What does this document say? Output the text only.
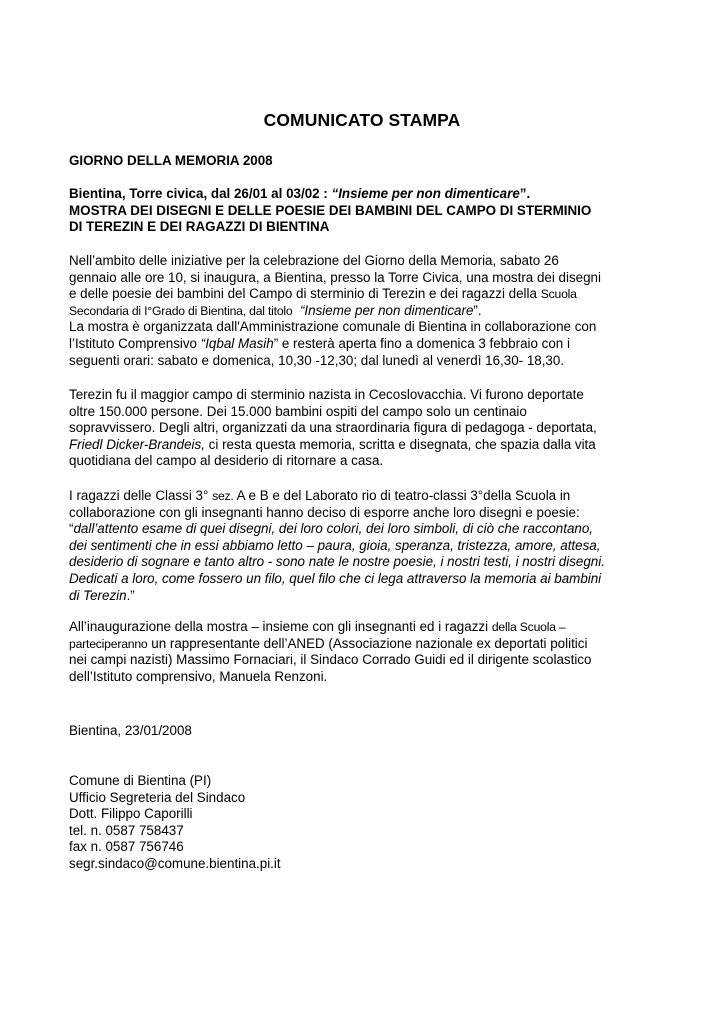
COMUNICATO STAMPA
GIORNO DELLA MEMORIA 2008
Bientina, Torre civica, dal 26/01 al 03/02 : “Insieme per non dimenticare”.
MOSTRA DEI DISEGNI E DELLE POESIE DEI BAMBINI DEL CAMPO DI STERMINIO
DI TEREZIN E DEI RAGAZZI DI BIENTINA
Nell’ambito delle iniziative per la celebrazione del Giorno della Memoria, sabato 26
gennaio alle ore 10, si inaugura, a Bientina, presso la Torre Civica, una mostra dei disegni
e delle poesie dei bambini del Campo di sterminio di Terezin e dei ragazzi della Scuola
Secondaria di I°Grado di Bientina, dal titolo “Insieme per non dimenticare”.
La mostra è organizzata dall'Amministrazione comunale di Bientina in collaborazione con
l’Istituto Comprensivo “Iqbal Masih” e resterà aperta fino a domenica 3 febbraio con i
seguenti orari: sabato e domenica, 10,30 -12,30; dal lunedì al venerdì 16,30- 18,30.
Terezin fu il maggior campo di sterminio nazista in Cecoslovacchia. Vi furono deportate
oltre 150.000 persone. Dei 15.000 bambini ospiti del campo solo un centinaio
sopravvissero. Degli altri, organizzati da una straordinaria figura di pedagoga - deportata,
Friedl Dicker-Brandeis, ci resta questa memoria, scritta e disegnata, che spazia dalla vita
quotidiana del campo al desiderio di ritornare a casa.
I ragazzi delle Classi 3° sez. A e B e del Laborato rio di teatro-classi 3°della Scuola in
collaborazione con gli insegnanti hanno deciso di esporre anche loro disegni e poesie:
“dall’attento esame di quei disegni, dei loro colori, dei loro simboli, di ciò che raccontano,
dei sentimenti che in essi abbiamo letto – paura, gioia, speranza, tristezza, amore, attesa,
desiderio di sognare e tanto altro - sono nate le nostre poesie, i nostri testi, i nostri disegni.
Dedicati a loro, come fossero un filo, quel filo che ci lega attraverso la memoria ai bambini
di Terezin.”
All’inaugurazione della mostra – insieme con gli insegnanti ed i ragazzi della Scuola –
parteciperanno un rappresentante dell’ANED (Associazione nazionale ex deportati politici
nei campi nazisti) Massimo Fornaciari, il Sindaco Corrado Guidi ed il dirigente scolastico
dell’Istituto comprensivo, Manuela Renzoni.
Bientina, 23/01/2008
Comune di Bientina (PI)
Ufficio Segreteria del Sindaco
Dott. Filippo Caporilli
tel. n. 0587 758437
fax n. 0587 756746
segr.sindaco@comune.bientina.pi.it
